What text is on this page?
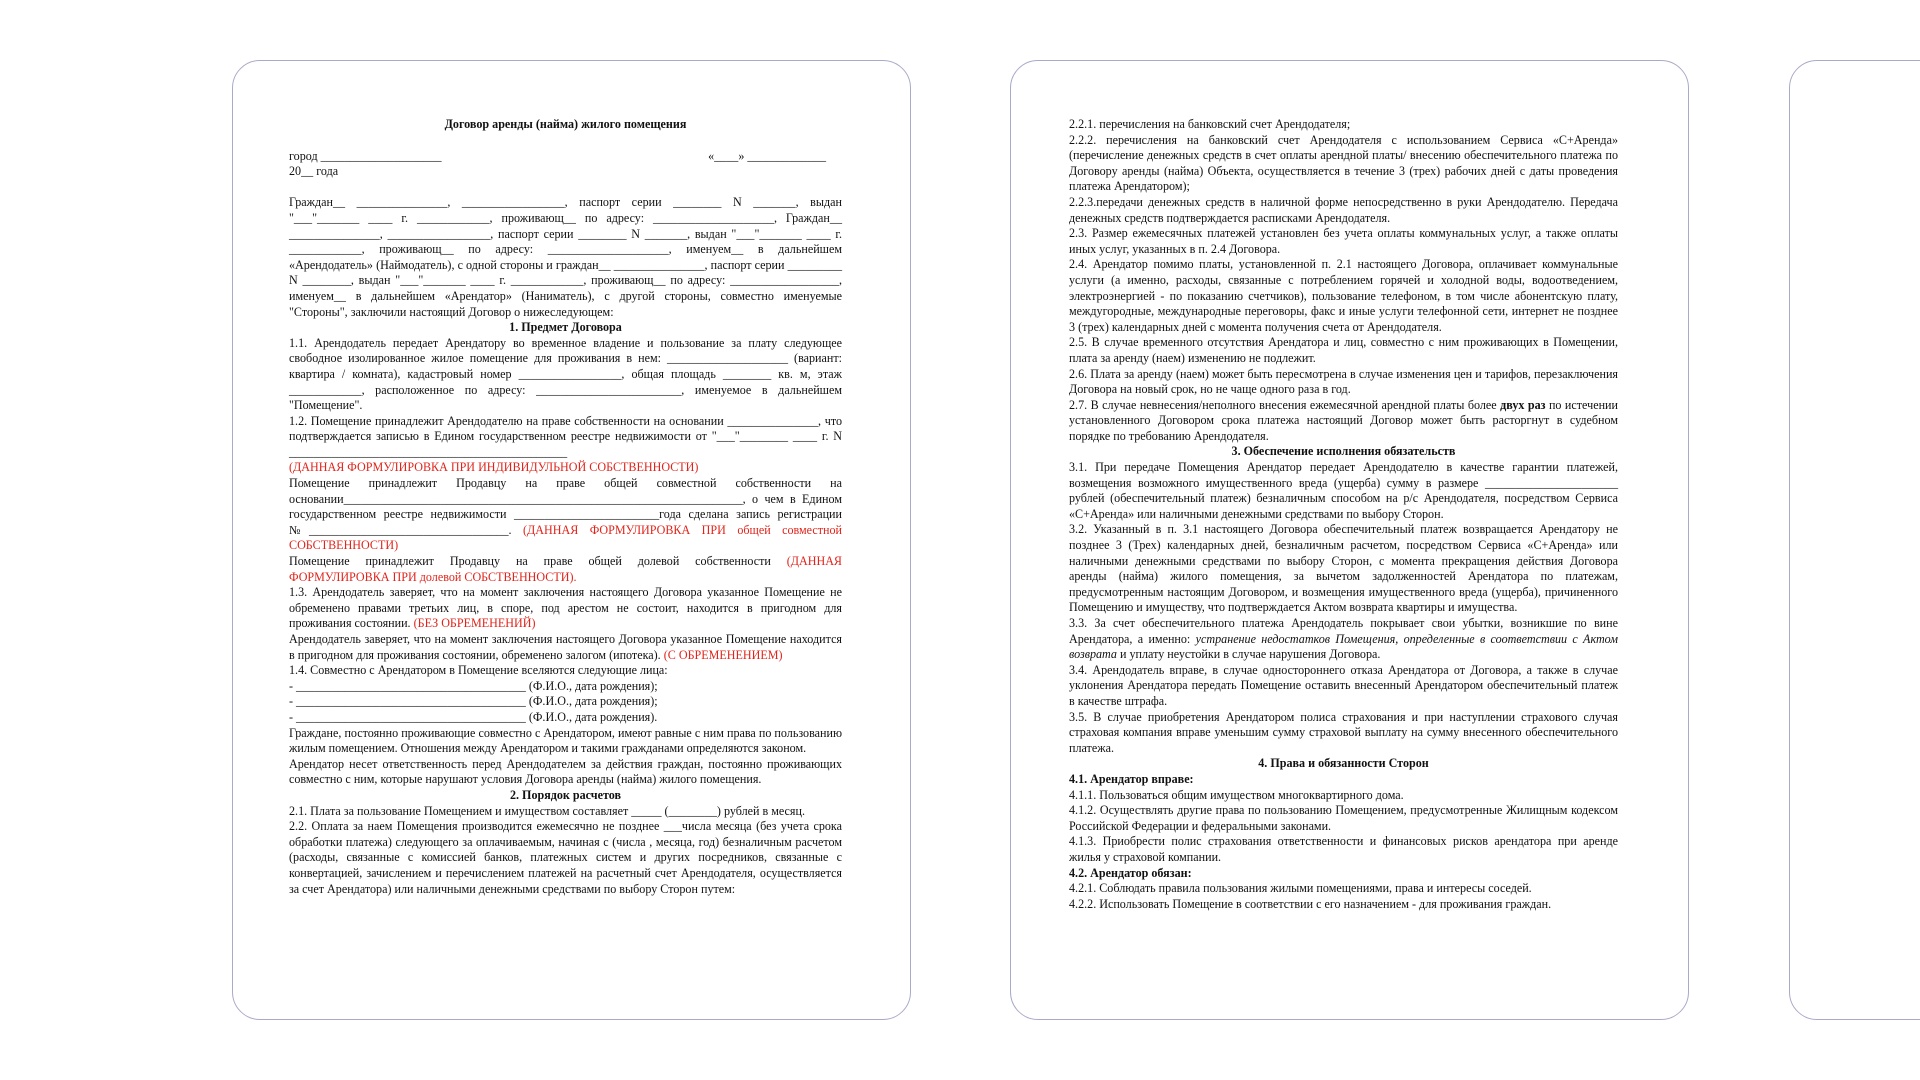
Договор аренды (найма) жилого помещения
город ____________________	«____» _____________

20__ года

Граждан__ _______________, _________________, паспорт серии ________ N _______, выдан "___"_______ ____ г. ____________, проживающ__ по адресу: ____________________, Граждан__ _______________, _________________, паспорт серии ________ N _______, выдан "___"_______ ____ г. ____________, проживающ__ по адресу: ____________________, именуем__ в дальнейшем «Арендодатель» (Наймодатель), с одной стороны и граждан__ _______________, паспорт серии _________ N ________, выдан "___"_______ ____ г. ____________, проживающ__ по адресу: __________________, именуем__ в дальнейшем «Арендатор» (Наниматель), с другой стороны, совместно именуемые "Стороны", заключили настоящий Договор о нижеследующем:

1. Предмет Договора

1.1. Арендодатель передает Арендатору во временное владение и пользование за плату следующее свободное изолированное жилое помещение для проживания в нем: ____________________ (вариант: квартира / комната), кадастровый номер _________________, общая площадь ________ кв. м, этаж ____________, расположенное по адресу: ________________________, именуемое в дальнейшем "Помещение".

1.2. Помещение принадлежит Арендодателю на праве собственности на основании _______________, что подтверждается записью в Едином государственном реестре недвижимости от "___"________ ____ г. N ______________________________________________

(ДАННАЯ ФОРМУЛИРОВКА ПРИ ИНДИВИДУЛЬНОЙ СОБСТВЕННОСТИ)

Помещение принадлежит Продавцу на праве общей совместной собственности на основании__________________________________________________________________, о чем в Едином государственном реестре недвижимости ________________________года сделана запись регистрации №_________________________________. (ДАННАЯ ФОРМУЛИРОВКА ПРИ общей совместной СОБСТВЕННОСТИ)

Помещение принадлежит Продавцу на праве общей долевой собственности (ДАННАЯ ФОРМУЛИРОВКА ПРИ долевой СОБСТВЕННОСТИ).

1.3. Арендодатель заверяет, что на момент заключения настоящего Договора указанное Помещение не обременено правами третьих лиц, в споре, под арестом не состоит, находится в пригодном для проживания состоянии. (БЕЗ ОБРЕМЕНЕНИЙ)

Арендодатель заверяет, что на момент заключения настоящего Договора указанное Помещение находится в пригодном для проживания состоянии, обременено залогом (ипотека). (С ОБРЕМЕНЕНИЕМ)

1.4. Совместно с Арендатором в Помещение вселяются следующие лица:

- ______________________________________ (Ф.И.О., дата рождения);

- ______________________________________ (Ф.И.О., дата рождения);

- ______________________________________ (Ф.И.О., дата рождения).

Граждане, постоянно проживающие совместно с Арендатором, имеют равные с ним права по пользованию жилым помещением. Отношения между Арендатором и такими гражданами определяются законом.

Арендатор несет ответственность перед Арендодателем за действия граждан, постоянно проживающих совместно с ним, которые нарушают условия Договора аренды (найма) жилого помещения.

2. Порядок расчетов

2.1. Плата за пользование Помещением и имуществом составляет _____ (________) рублей в месяц.

2.2. Оплата за наем Помещения производится ежемесячно не позднее ___числа месяца (без учета срока обработки платежа) следующего за оплачиваемым, начиная с (числа , месяца, год) безналичным расчетом (расходы, связанные с комиссией банков, платежных систем и других посредников, связанные с конвертацией, зачислением и перечислением платежей на расчетный счет Арендодателя, осуществляется за счет Арендатора) или наличными денежными средствами по выбору Сторон путем:

2.2.1. перечисления на банковский счет Арендодателя;

2.2.2. перечисления на банковский счет Арендодателя с использованием Сервиса «С+Аренда» (перечисление денежных средств в счет оплаты арендной платы/ внесению обеспечительного платежа по Договору аренды (найма) Объекта, осуществляется в течение 3 (трех) рабочих дней с даты проведения платежа Арендатором);

2.2.3.передачи денежных средств в наличной форме непосредственно в руки Арендодателю. Передача денежных средств подтверждается расписками Арендодателя.

2.3. Размер ежемесячных платежей установлен без учета оплаты коммунальных услуг, а также оплаты иных услуг, указанных в п. 2.4 Договора.

2.4. Арендатор помимо платы, установленной п. 2.1 настоящего Договора, оплачивает коммунальные услуги (а именно, расходы, связанные с потреблением горячей и холодной воды, водоотведением, электроэнергией - по показанию счетчиков), пользование телефоном, в том числе абонентскую плату, междугородные, международные переговоры, факс и иные услуги телефонной сети, интернет не позднее 3 (трех) календарных дней с момента получения счета от Арендодателя.

2.5. В случае временного отсутствия Арендатора и лиц, совместно с ним проживающих в Помещении, плата за аренду (наем) изменению не подлежит.

2.6. Плата за аренду (наем) может быть пересмотрена в случае изменения цен и тарифов, перезаключения Договора на новый срок, но не чаще одного раза в год.

2.7. В случае невнесения/неполного внесения ежемесячной арендной платы более двух раз по истечении установленного Договором срока платежа настоящий Договор может быть расторгнут в судебном порядке по требованию Арендодателя.

3. Обеспечение исполнения обязательств

3.1. При передаче Помещения Арендатор передает Арендодателю в качестве гарантии платежей, возмещения возможного имущественного вреда (ущерба) сумму в размере ______________________ рублей (обеспечительный платеж) безналичным способом на р/с Арендодателя, посредством Сервиса «С+Аренда» или наличными денежными средствами по выбору Сторон.

3.2. Указанный в п. 3.1 настоящего Договора обеспечительный платеж возвращается Арендатору не позднее 3 (Трех) календарных дней, безналичным расчетом, посредством Сервиса «С+Аренда» или наличными денежными средствами по выбору Сторон, с момента прекращения действия Договора аренды (найма) жилого помещения, за вычетом задолженностей Арендатора по платежам, предусмотренным настоящим Договором, и возмещения имущественного вреда (ущерба), причиненного Помещению и имуществу, что подтверждается Актом возврата квартиры и имущества.

3.3. За счет обеспечительного платежа Арендодатель покрывает свои убытки, возникшие по вине Арендатора, а именно: устранение недостатков Помещения, определенные в соответствии с Актом возврата и уплату неустойки в случае нарушения Договора.

3.4. Арендодатель вправе, в случае одностороннего отказа Арендатора от Договора, а также в случае уклонения Арендатора передать Помещение оставить внесенный Арендатором обеспечительный платеж в качестве штрафа.

3.5. В случае приобретения Арендатором полиса страхования и при наступлении страхового случая страховая компания вправе уменьшим сумму страховой выплату на сумму внесенного обеспечительного платежа.

4. Права и обязанности Сторон

4.1. Арендатор вправе:

4.1.1. Пользоваться общим имуществом многоквартирного дома.

4.1.2. Осуществлять другие права по пользованию Помещением, предусмотренные Жилищным кодексом Российской Федерации и федеральными законами.

4.1.3. Приобрести полис страхования ответственности и финансовых рисков арендатора при аренде жилья у страховой компании.

4.2. Арендатор обязан:

4.2.1. Соблюдать правила пользования жилыми помещениями, права и интересы соседей.

4.2.2. Использовать Помещение в соответствии с его назначением - для проживания граждан.
